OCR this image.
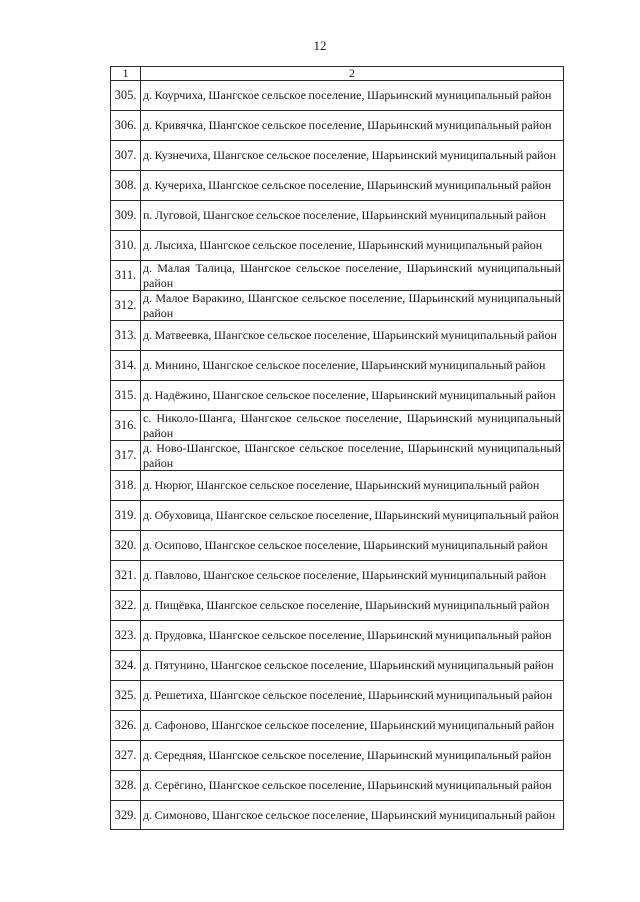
12
1	2
305.	д. Коурчиха, Шангское сельское поселение, Шарьинский муниципальный район
306.	д. Кривячка, Шангское сельское поселение, Шарьинский муниципальный район
307.	д. Кузнечиха, Шангское сельское поселение, Шарьинский муниципальный район
308.	д. Кучериха, Шангское сельское поселение, Шарьинский муниципальный район
309.	п. Луговой, Шангское сельское поселение, Шарьинский муниципальный район
310.	д. Лысиха, Шангское сельское поселение, Шарьинский муниципальный район
311.	д. Малая Талица, Шангское сельское поселение, Шарьинский муниципальный район
312.	д. Малое Варакино, Шангское сельское поселение, Шарьинский муниципальный район
313.	д. Матвеевка, Шангское сельское поселение, Шарьинский муниципальный район
314.	д. Минино, Шангское сельское поселение, Шарьинский муниципальный район
315.	д. Надёжино, Шангское сельское поселение, Шарьинский муниципальный район
316.	с. Николо-Шанга, Шангское сельское поселение, Шарьинский муниципальный район
317.	д. Ново-Шангское, Шангское сельское поселение, Шарьинский муниципальный район
318.	д. Нюрюг, Шангское сельское поселение, Шарьинский муниципальный район
319.	д. Обуховица, Шангское сельское поселение, Шарьинский муниципальный район
320.	д. Осипово, Шангское сельское поселение, Шарьинский муниципальный район
321.	д. Павлово, Шангское сельское поселение, Шарьинский муниципальный район
322.	д. Пищёвка, Шангское сельское поселение, Шарьинский муниципальный район
323.	д. Прудовка, Шангское сельское поселение, Шарьинский муниципальный район
324.	д. Пятунино, Шангское сельское поселение, Шарьинский муниципальный район
325.	д. Решетиха, Шангское сельское поселение, Шарьинский муниципальный район
326.	д. Сафоново, Шангское сельское поселение, Шарьинский муниципальный район
327.	д. Середняя, Шангское сельское поселение, Шарьинский муниципальный район
328.	д. Серёгино, Шангское сельское поселение, Шарьинский муниципальный район
329.	д. Симоново, Шангское сельское поселение, Шарьинский муниципальный район
